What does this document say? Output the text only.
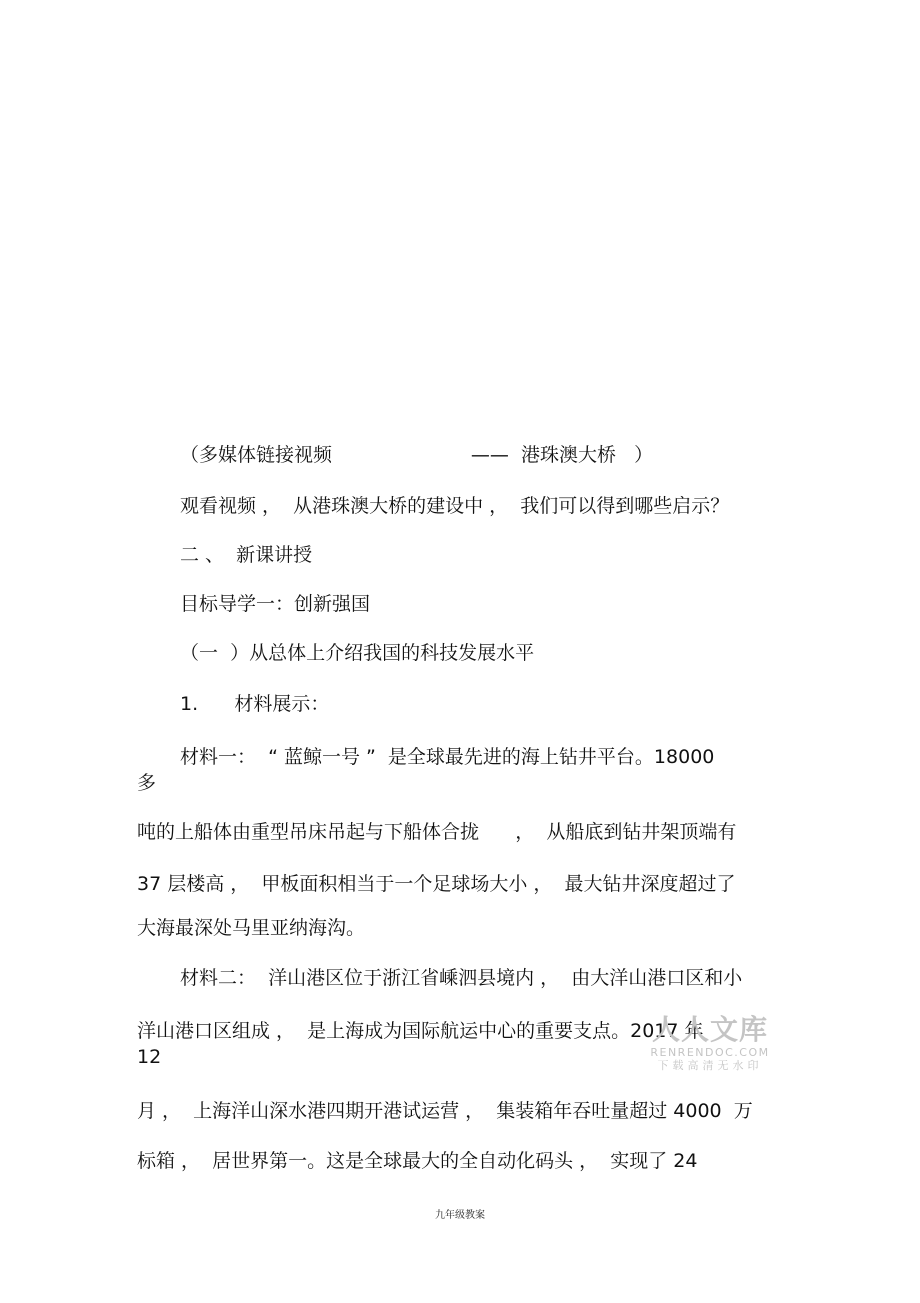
（多媒体链接视频                       ——  港珠澳大桥   ）

观看视频 ，  从港珠澳大桥的建设中 ，  我们可以得到哪些启示？

二 、  新课讲授

目标导学一：创新强国

（一  ）从总体上介绍我国的科技发展水平

1.      材料展示：

材料一：  “ 蓝鲸一号 ”  是全球最先进的海上钻井平台。18000

多

吨的上船体由重型吊床吊起与下船体合拢      ，  从船底到钻井架顶端有

37 层楼高 ，  甲板面积相当于一个足球场大小 ，  最大钻井深度超过了

大海最深处马里亚纳海沟。

材料二：  洋山港区位于浙江省嵊泗县境内 ，  由大洋山港口区和小

洋山港口区组成 ，  是上海成为国际航运中心的重要支点。2017 年

12

月 ，  上海洋山深水港四期开港试运营 ，  集装箱年吞吐量超过 4000  万

标箱 ，  居世界第一。这是全球最大的全自动化码头 ，  实现了 24

九年级教案
人人文库
RENRENDOC.COM
下载高清无水印
